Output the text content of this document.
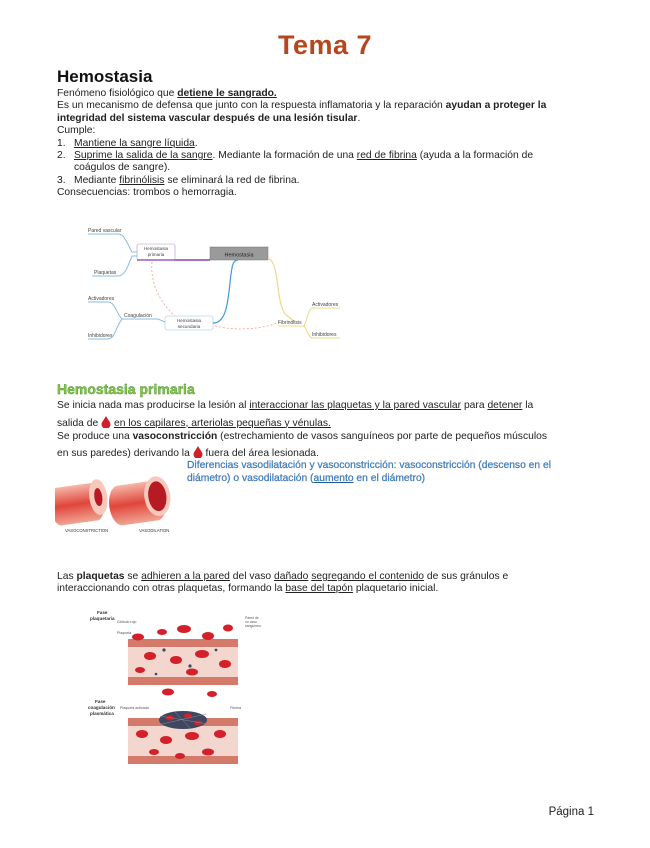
Tema 7
Hemostasia
Fenómeno fisiológico que detiene le sangrado.
Es un mecanismo de defensa que junto con la respuesta inflamatoria y la reparación ayudan a proteger la
integridad del sistema vascular después de una lesión tisular.
Cumple:
1. Mantiene la sangre líquida.
2. Suprime la salida de la sangre. Mediante la formación de una red de fibrina (ayuda a la formación de
coágulos de sangre).
3. Mediante fibrinólisis se eliminará la red de fibrina.
Consecuencias: trombos o hemorragia.
Hemostasia
Hemostasia
primaria
Pared vascular
Plaquetas
Hemostasia
secundaria
Coagulación
Activadores
Inhibidores
Fibrinólisis
Activadores
Inhibidores
Hemostasia primaria
Se inicia nada mas producirse la lesión al interaccionar las plaquetas y la pared vascular para detener la
salida de  en los capilares, arteriolas pequeñas y vénulas.
Se produce una vasoconstricción (estrechamiento de vasos sanguíneos por parte de pequeños músculos
en sus paredes) derivando la  fuera del área lesionada.
Diferencias vasodilatación y vasoconstricción: vasoconstricción (descenso en el
diámetro) o vasodilatación (aumento en el diámetro)
VASOCONSTRICTION	VASODILATION
Las plaquetas se adhieren a la pared del vaso dañado segregando el contenido de sus gránulos e
interaccionando con otras plaquetas, formando la base del tapón plaquetario inicial.
Fase
plaquetaria
Glóbulo rojo
Plaqueta
Pared de
un vaso
sanguíneo
Fase
coagulación
plasmática
Plaqueta activada	Fibrina
Página 1
